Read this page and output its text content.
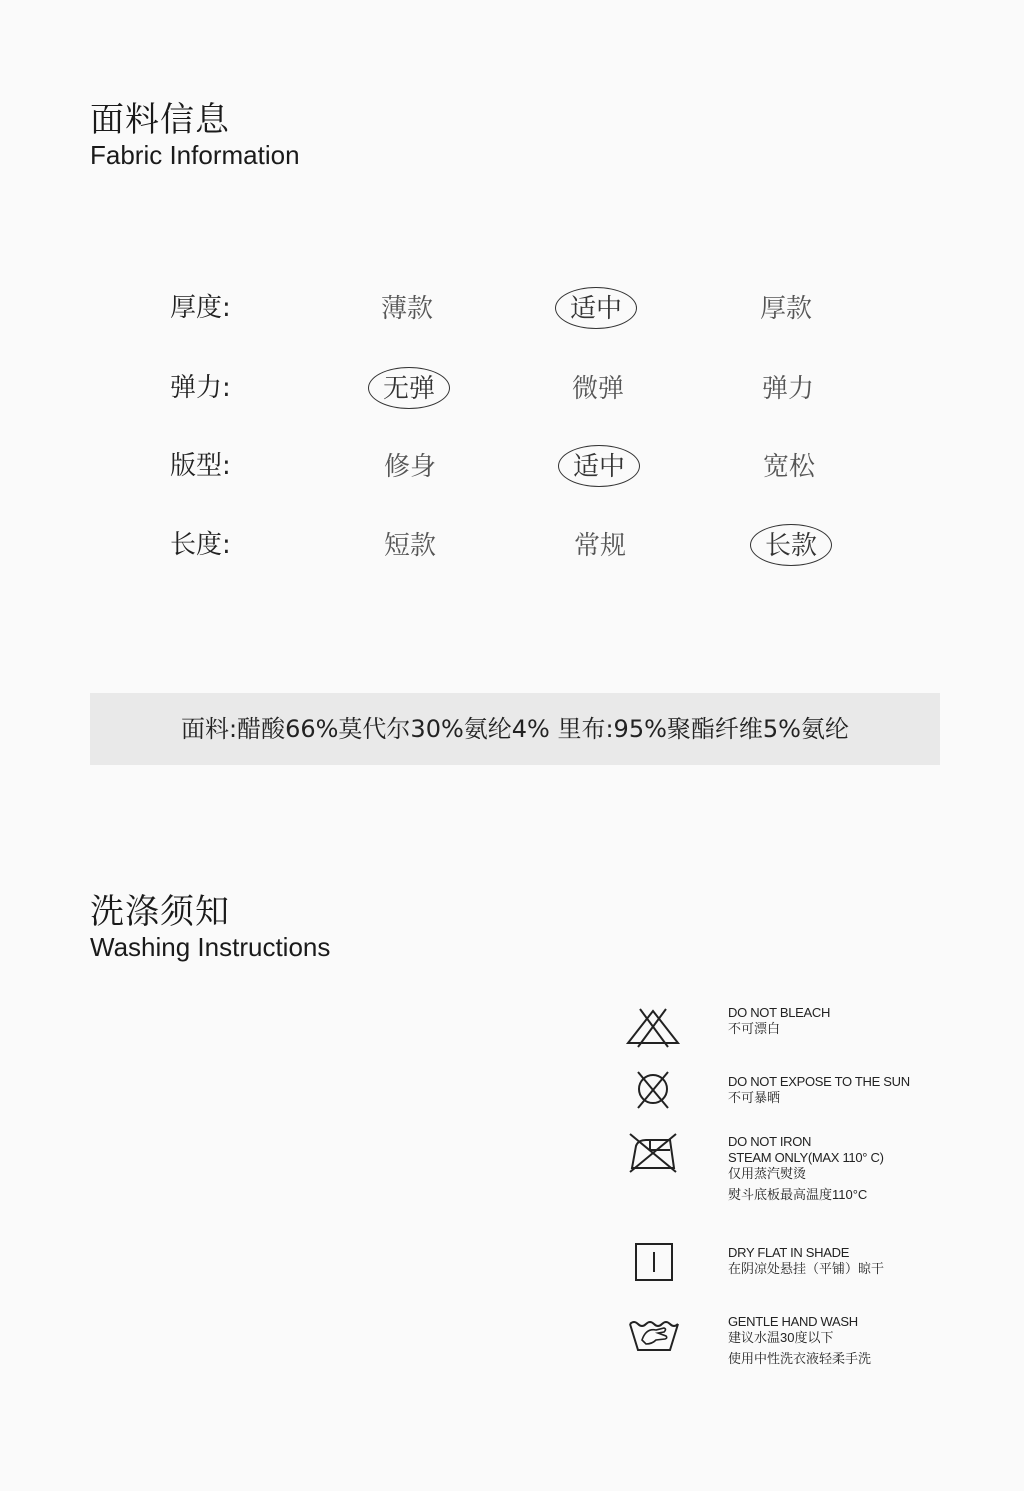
面料信息
Fabric Information
厚度:	薄款	适中	厚款
弹力:	无弹	微弹	弹力
版型:	修身	适中	宽松
长度:	短款	常规	长款
面料:醋酸66%莫代尔30%氨纶4% 里布:95%聚酯纤维5%氨纶
洗涤须知
Washing Instructions
DO NOT BLEACH
不可漂白
DO NOT EXPOSE TO THE SUN
不可暴晒
DO NOT IRON
STEAM ONLY(MAX 110° C)
仅用蒸汽熨烫
熨斗底板最高温度110°C
DRY FLAT IN SHADE
在阴凉处悬挂（平铺）晾干
GENTLE HAND WASH
建议水温30度以下
使用中性洗衣液轻柔手洗
